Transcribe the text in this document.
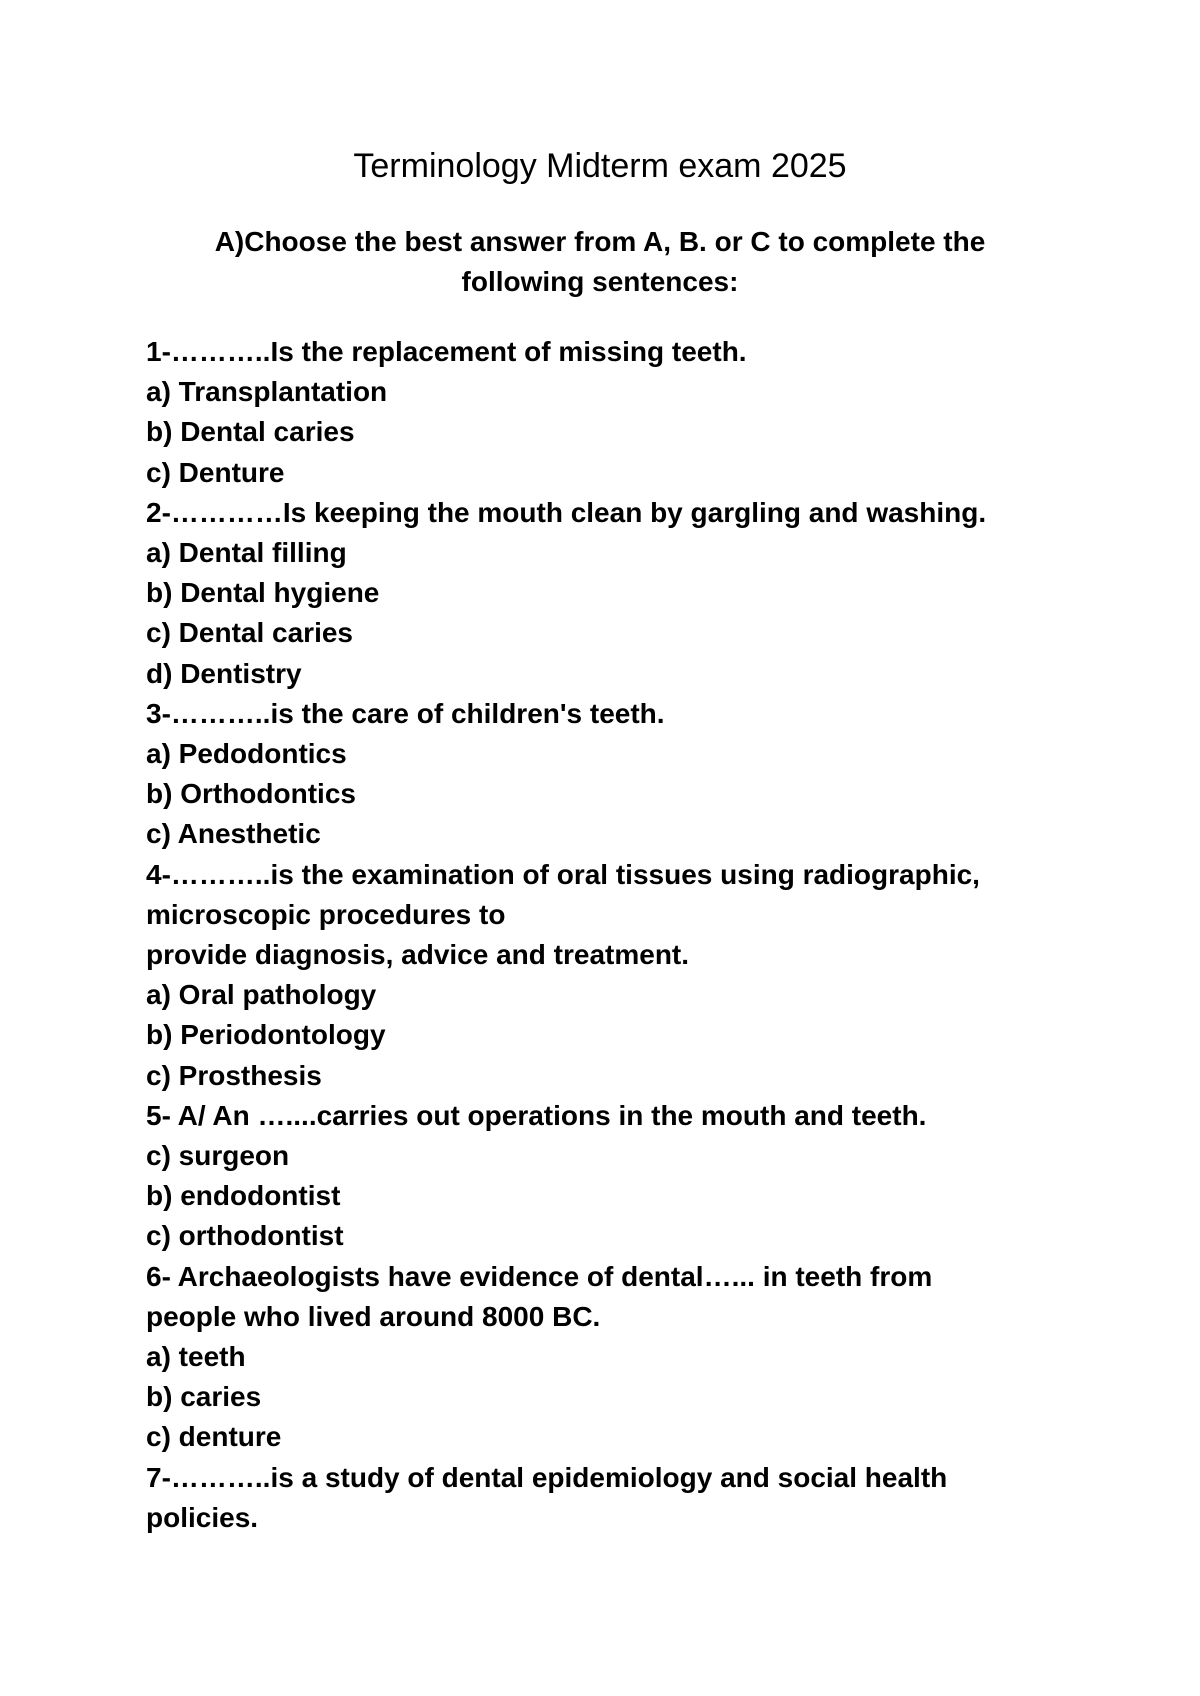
Terminology Midterm exam 2025
A)Choose the best answer from A, B. or C to complete the
following sentences:

1-………..Is the replacement of missing teeth.

a) Transplantation

b) Dental caries

c) Denture

2-…………Is keeping the mouth clean by gargling and washing.

a) Dental filling

b) Dental hygiene

c) Dental caries

d) Dentistry

3-………..is the care of children's teeth.

a) Pedodontics

b) Orthodontics

c) Anesthetic

4-………..is the examination of oral tissues using radiographic,

microscopic procedures to

provide diagnosis, advice and treatment.

a) Oral pathology

b) Periodontology

c) Prosthesis

5- A/ An …....carries out operations in the mouth and teeth.

c) surgeon

b) endodontist

c) orthodontist

6- Archaeologists have evidence of dental…... in teeth from

people who lived around 8000 BC.

a) teeth

b) caries

c) denture

7-………..is a study of dental epidemiology and social health

policies.
